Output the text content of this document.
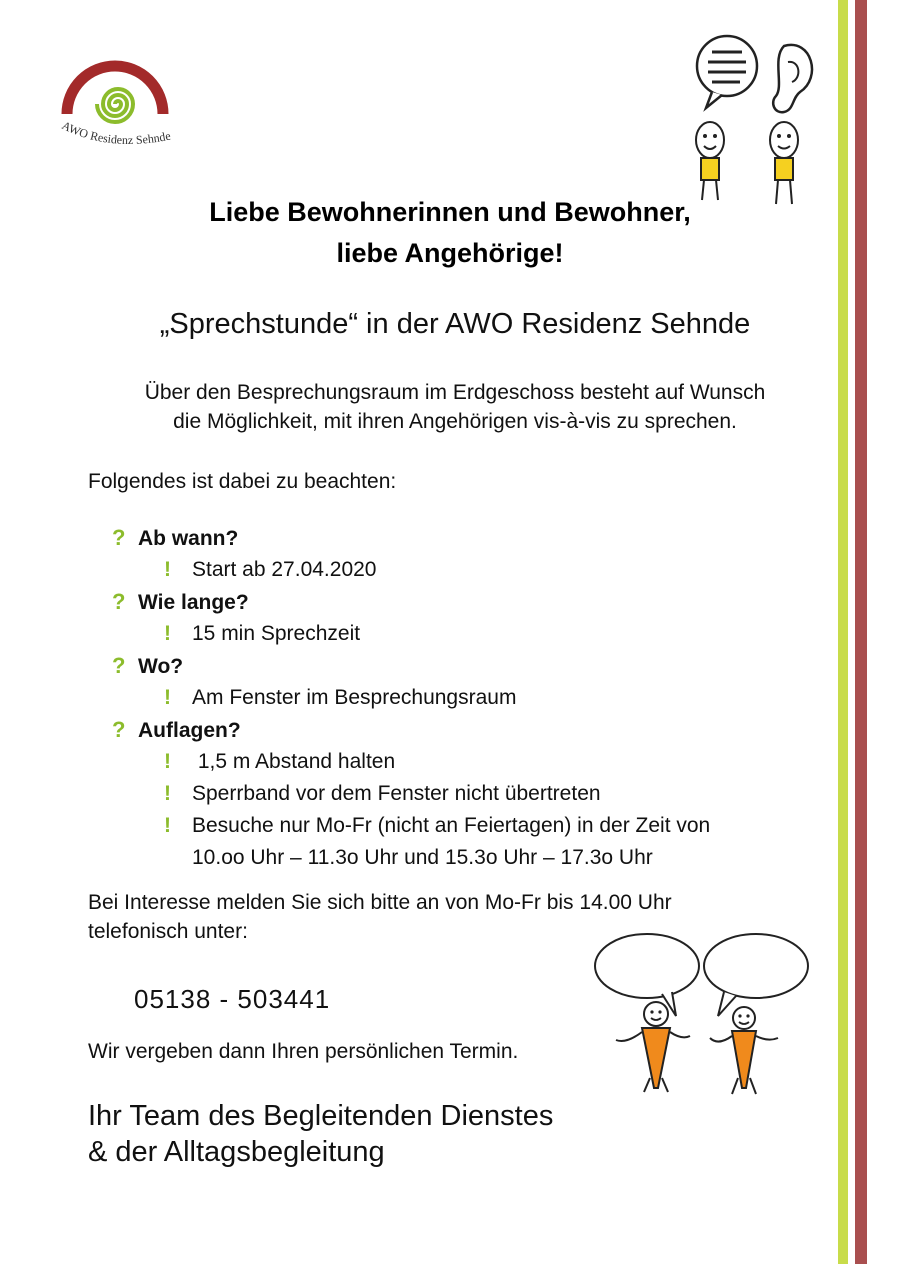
AWO Residenz Sehnde
Liebe Bewohnerinnen und Bewohner,
liebe Angehörige!
„Sprechstunde“ in der AWO Residenz Sehnde
Über den Besprechungsraum im Erdgeschoss besteht auf Wunsch
die Möglichkeit, mit ihren Angehörigen vis-à-vis zu sprechen.
Folgendes ist dabei zu beachten:
? Ab wann?
!	Start ab 27.04.2020
? Wie lange?
!	15 min Sprechzeit
? Wo?
!	Am Fenster im Besprechungsraum
? Auflagen?
!	1,5 m Abstand halten
!	Sperrband vor dem Fenster nicht übertreten
!	Besuche nur Mo-Fr (nicht an Feiertagen) in der Zeit von
10.oo Uhr – 11.3o Uhr und 15.3o Uhr – 17.3o Uhr
Bei Interesse melden Sie sich bitte an von Mo-Fr bis 14.00 Uhr
telefonisch unter:
05138 - 503441
Wir vergeben dann Ihren persönlichen Termin.
Ihr Team des Begleitenden Dienstes
& der Alltagsbegleitung
